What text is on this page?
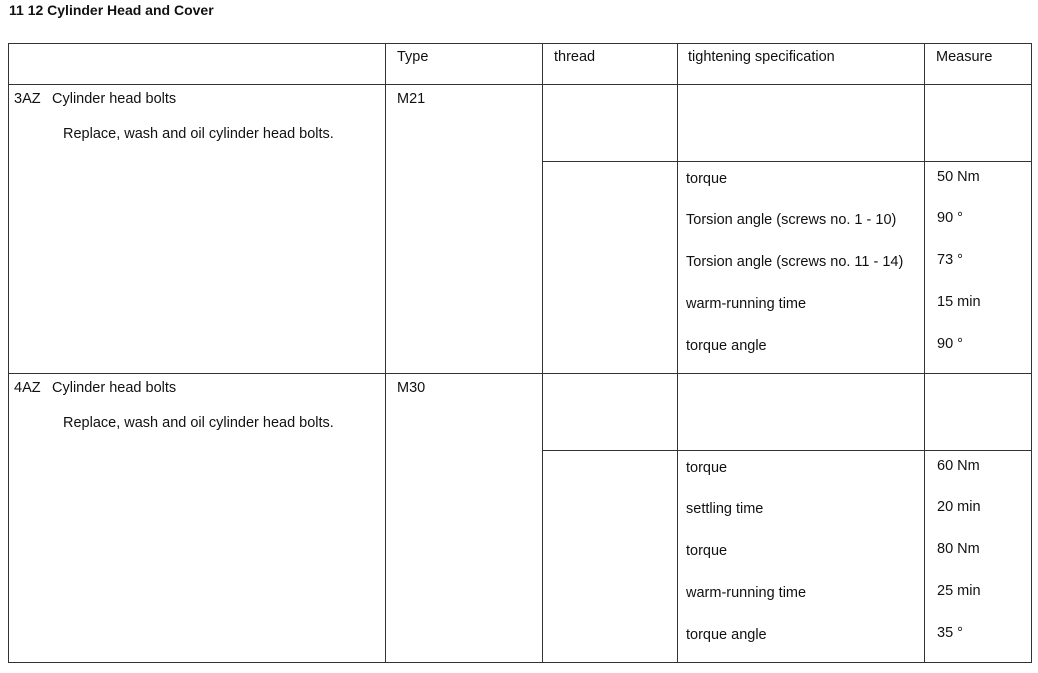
11 12 Cylinder Head and Cover
Type	thread	tightening specification	Measure
3AZ Cylinder head bolts
Replace, wash and oil cylinder head bolts.
M21
torque	50 Nm
Torsion angle (screws no. 1 - 10)	90 °
Torsion angle (screws no. 11 - 14) 73 °
warm-running time	15 min
torque angle	90 °
4AZ Cylinder head bolts
Replace, wash and oil cylinder head bolts.
M30
torque	60 Nm
settling time	20 min
torque	80 Nm
warm-running time	25 min
torque angle	35 °
